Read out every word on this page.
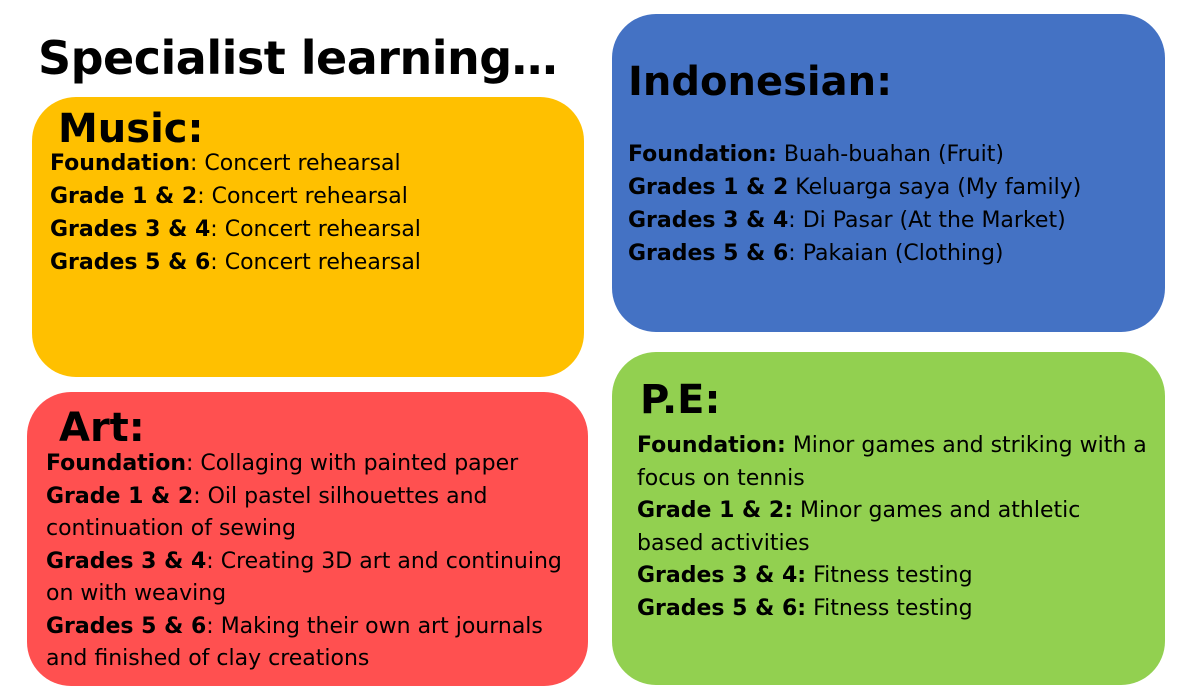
Specialist learning…
Music:
Foundation: Concert rehearsal
Grade 1 & 2: Concert rehearsal
Grades 3 & 4: Concert rehearsal
Grades 5 & 6: Concert rehearsal
Indonesian:
Foundation: Buah-buahan (Fruit)
Grades 1 & 2 Keluarga saya (My family)
Grades 3 & 4: Di Pasar (At the Market)
Grades 5 & 6: Pakaian (Clothing)
Art:
Foundation: Collaging with painted paper
Grade 1 & 2: Oil pastel silhouettes and continuation of sewing
Grades 3 & 4: Creating 3D art and continuing on with weaving
Grades 5 & 6: Making their own art journals and finished of clay creations
P.E:
Foundation: Minor games and striking with a focus on tennis
Grade 1 & 2: Minor games and athletic based activities
Grades 3 & 4: Fitness testing
Grades 5 & 6: Fitness testing
